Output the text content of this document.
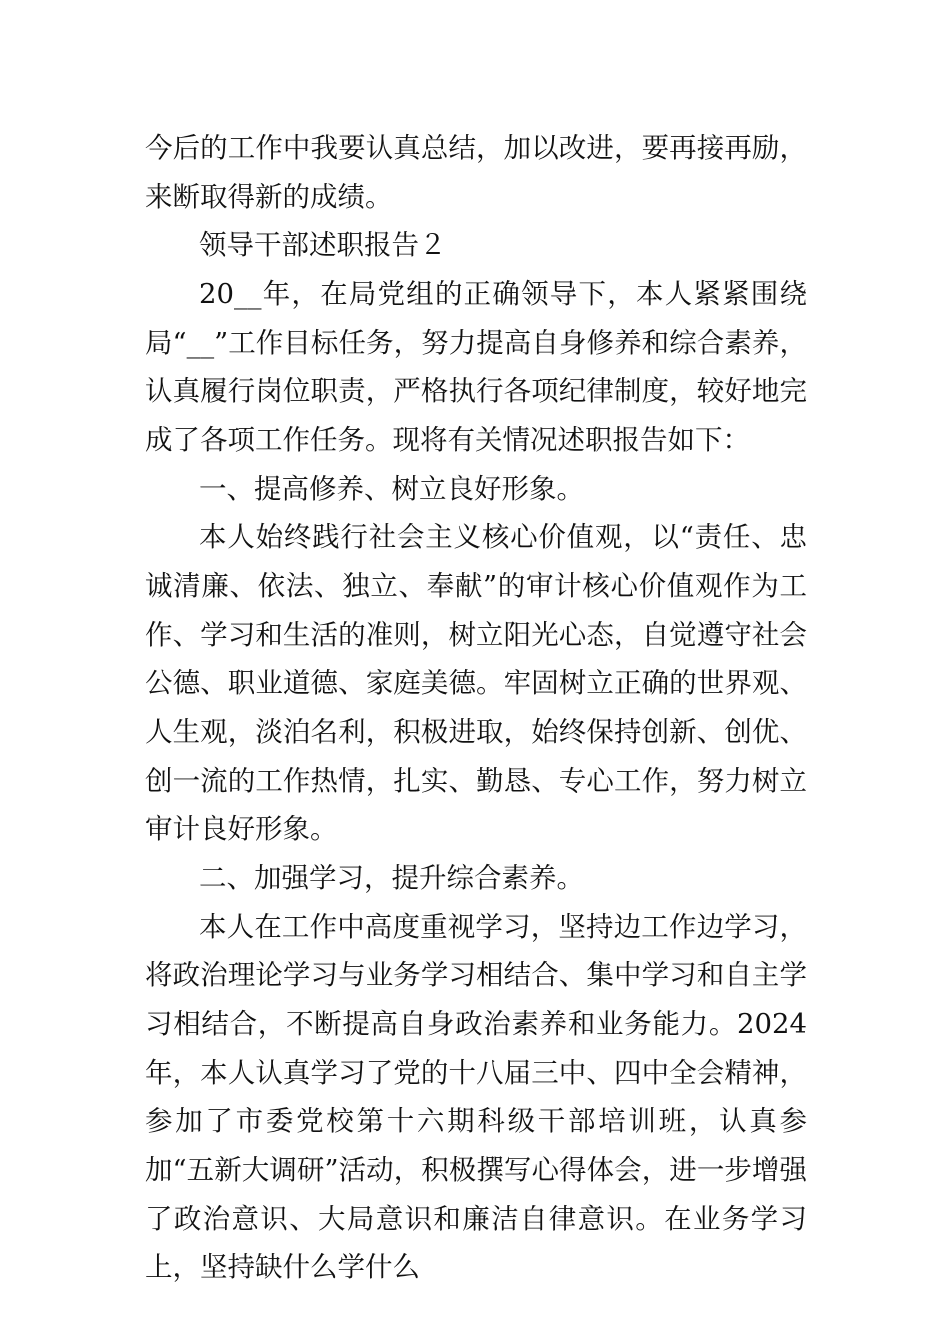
今后的工作中我要认真总结，加以改进，要再接再励，来断取得新的成绩。

领导干部述职报告２

20__年，在局党组的正确领导下，本人紧紧围绕局“__”工作目标任务，努力提高自身修养和综合素养，认真履行岗位职责，严格执行各项纪律制度，较好地完成了各项工作任务。现将有关情况述职报告如下：

一、提高修养、树立良好形象。

本人始终践行社会主义核心价值观，以“责任、忠诚清廉、依法、独立、奉献”的审计核心价值观作为工作、学习和生活的准则，树立阳光心态，自觉遵守社会公德、职业道德、家庭美德。牢固树立正确的世界观、人生观，淡泊名利，积极进取，始终保持创新、创优、创一流的工作热情，扎实、勤恳、专心工作，努力树立审计良好形象。

二、加强学习，提升综合素养。

本人在工作中高度重视学习，坚持边工作边学习，将政治理论学习与业务学习相结合、集中学习和自主学习相结合，不断提高自身政治素养和业务能力。2024年，本人认真学习了党的十八届三中、四中全会精神，参加了市委党校第十六期科级干部培训班，认真参加“五新大调研”活动，积极撰写心得体会，进一步增强了政治意识、大局意识和廉洁自律意识。在业务学习上，坚持缺什么学什么
